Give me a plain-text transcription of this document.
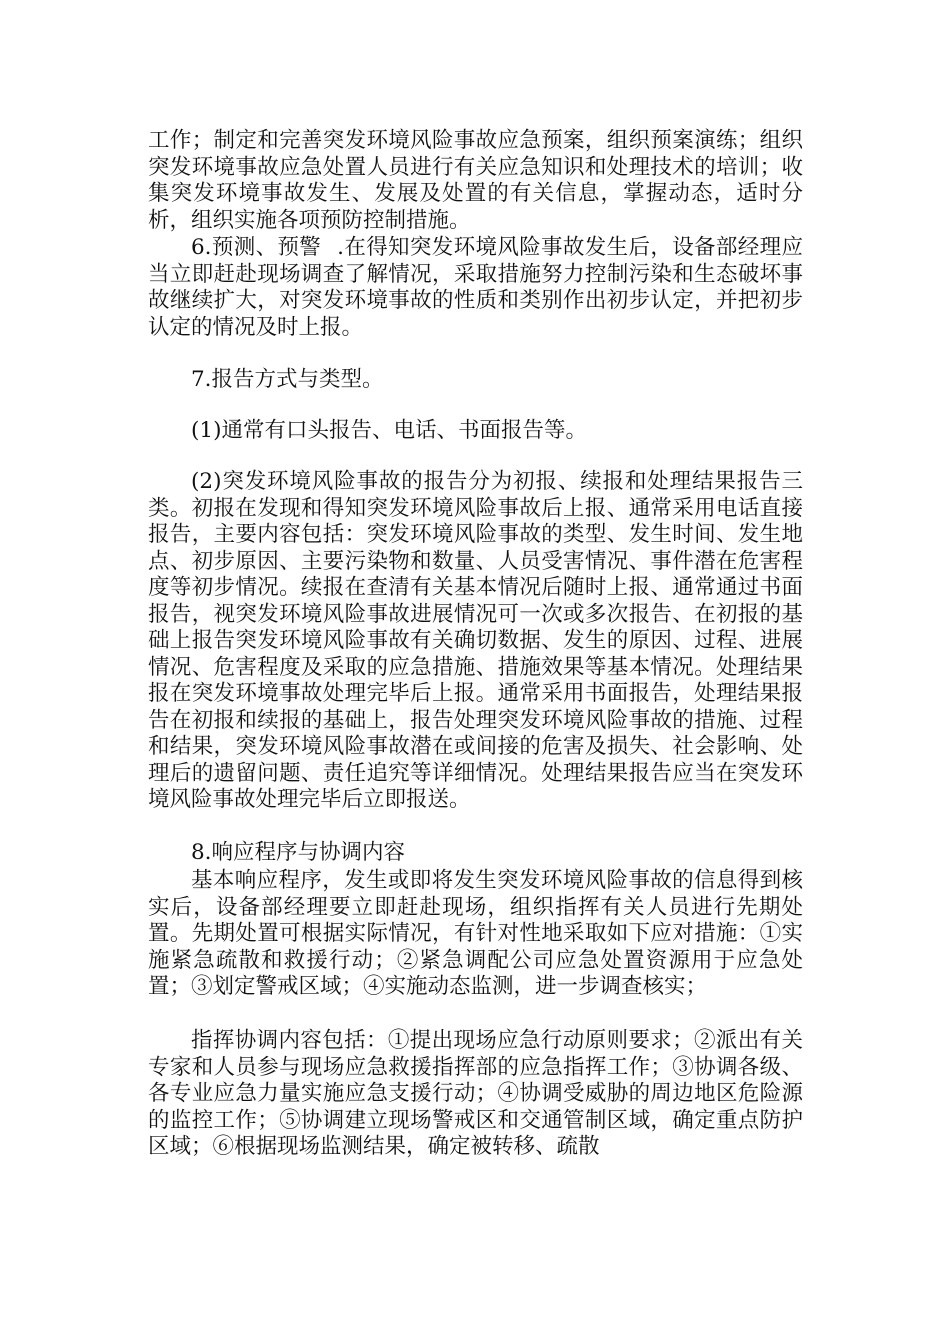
工作；制定和完善突发环境风险事故应急预案，组织预案演练；组织突发环境事故应急处置人员进行有关应急知识和处理技术的培训；收集突发环境事故发生、发展及处置的有关信息，掌握动态，适时分析，组织实施各项预防控制措施。

6.预测、预警 .在得知突发环境风险事故发生后，设备部经理应当立即赶赴现场调查了解情况，采取措施努力控制污染和生态破坏事故继续扩大，对突发环境事故的性质和类别作出初步认定，并把初步认定的情况及时上报。

7.报告方式与类型。

(1)通常有口头报告、电话、书面报告等。

(2)突发环境风险事故的报告分为初报、续报和处理结果报告三类。初报在发现和得知突发环境风险事故后上报、通常采用电话直接报告，主要内容包括：突发环境风险事故的类型、发生时间、发生地点、初步原因、主要污染物和数量、人员受害情况、事件潜在危害程度等初步情况。续报在查清有关基本情况后随时上报、通常通过书面报告，视突发环境风险事故进展情况可一次或多次报告、在初报的基础上报告突发环境风险事故有关确切数据、发生的原因、过程、进展情况、危害程度及采取的应急措施、措施效果等基本情况。处理结果报在突发环境事故处理完毕后上报。通常采用书面报告，处理结果报告在初报和续报的基础上，报告处理突发环境风险事故的措施、过程和结果，突发环境风险事故潜在或间接的危害及损失、社会影响、处理后的遗留问题、责任追究等详细情况。处理结果报告应当在突发环境风险事故处理完毕后立即报送。

8.响应程序与协调内容

基本响应程序，发生或即将发生突发环境风险事故的信息得到核实后，设备部经理要立即赶赴现场，组织指挥有关人员进行先期处置。先期处置可根据实际情况，有针对性地采取如下应对措施：①实施紧急疏散和救援行动；②紧急调配公司应急处置资源用于应急处置；③划定警戒区域；④实施动态监测，进一步调查核实；

指挥协调内容包括：①提出现场应急行动原则要求；②派出有关专家和人员参与现场应急救援指挥部的应急指挥工作；③协调各级、各专业应急力量实施应急支援行动；④协调受威胁的周边地区危险源的监控工作；⑤协调建立现场警戒区和交通管制区域，确定重点防护区域；⑥根据现场监测结果，确定被转移、疏散
